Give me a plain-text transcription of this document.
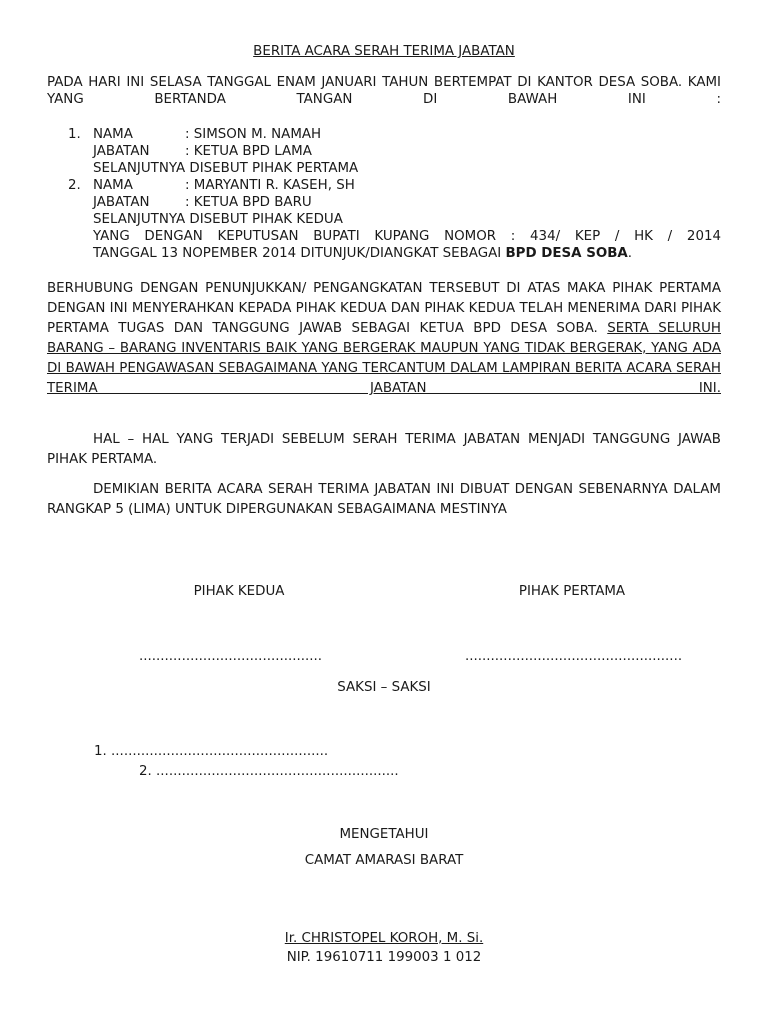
BERITA ACARA SERAH TERIMA JABATAN
PADA HARI INI SELASA TANGGAL ENAM JANUARI TAHUN BERTEMPAT DI KANTOR DESA SOBA. KAMI YANG BERTANDA TANGAN DI BAWAH INI :
1. NAMA	: SIMSON M. NAMAH
JABATAN	: KETUA BPD LAMA
SELANJUTNYA DISEBUT PIHAK PERTAMA
2. NAMA	: MARYANTI R. KASEH, SH
JABATAN	: KETUA BPD BARU
SELANJUTNYA DISEBUT PIHAK KEDUA
YANG DENGAN KEPUTUSAN BUPATI KUPANG NOMOR : 434/ KEP / HK / 2014
TANGGAL 13 NOPEMBER 2014 DITUNJUK/DIANGKAT SEBAGAI BPD DESA SOBA.
BERHUBUNG DENGAN PENUNJUKKAN/ PENGANGKATAN TERSEBUT DI ATAS MAKA PIHAK PERTAMA DENGAN INI MENYERAHKAN KEPADA PIHAK KEDUA DAN PIHAK KEDUA TELAH MENERIMA DARI PIHAK PERTAMA TUGAS DAN TANGGUNG JAWAB SEBAGAI KETUA BPD DESA SOBA. SERTA SELURUH BARANG – BARANG INVENTARIS BAIK YANG BERGERAK MAUPUN YANG TIDAK BERGERAK, YANG ADA DI BAWAH PENGAWASAN SEBAGAIMANA YANG TERCANTUM DALAM LAMPIRAN BERITA ACARA SERAH TERIMA JABATAN INI.
HAL – HAL YANG TERJADI SEBELUM SERAH TERIMA JABATAN MENJADI TANGGUNG JAWAB PIHAK PERTAMA.
DEMIKIAN BERITA ACARA SERAH TERIMA JABATAN INI DIBUAT DENGAN SEBENARNYA DALAM RANGKAP 5 (LIMA) UNTUK DIPERGUNAKAN SEBAGAIMANA MESTINYA
PIHAK KEDUA	PIHAK PERTAMA
...........................................	...................................................
SAKSI – SAKSI
1. ...................................................
2. .........................................................
MENGETAHUI
CAMAT AMARASI BARAT
Ir. CHRISTOPEL KOROH, M. Si.
NIP. 19610711 199003 1 012
